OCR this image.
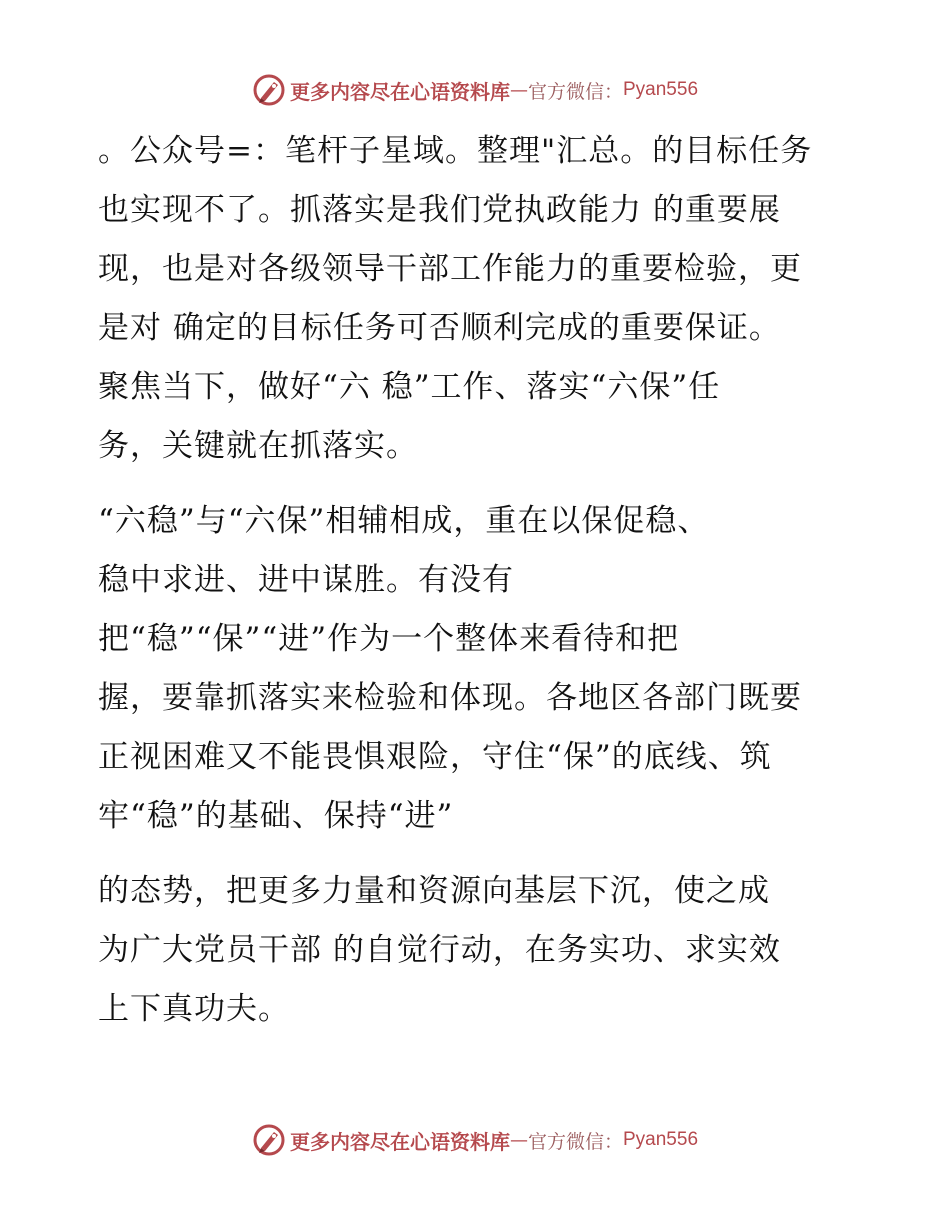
更多内容尽在心语资料库 — 官方微信： Pyan556
。公众号=：笔杆子星域。整理"汇总。的目标任务
也实现不了。抓落实是我们党执政能力 的重要展
现，也是对各级领导干部工作能力的重要检验，更
是对 确定的目标任务可否顺利完成的重要保证。
聚焦当下，做好“六 稳”工作、落实“六保”任
务，关键就在抓落实。
“六稳”与“六保”相辅相成，重在以保促稳、
稳中求进、进中谋胜。有没有
把“稳”“保”“进”作为一个整体来看待和把
握，要靠抓落实来检验和体现。各地区各部门既要
正视困难又不能畏惧艰险，守住“保”的底线、筑
牢“稳”的基础、保持“进”
的态势，把更多力量和资源向基层下沉，使之成
为广大党员干部 的自觉行动，在务实功、求实效
上下真功夫。
更多内容尽在心语资料库 — 官方微信： Pyan556
